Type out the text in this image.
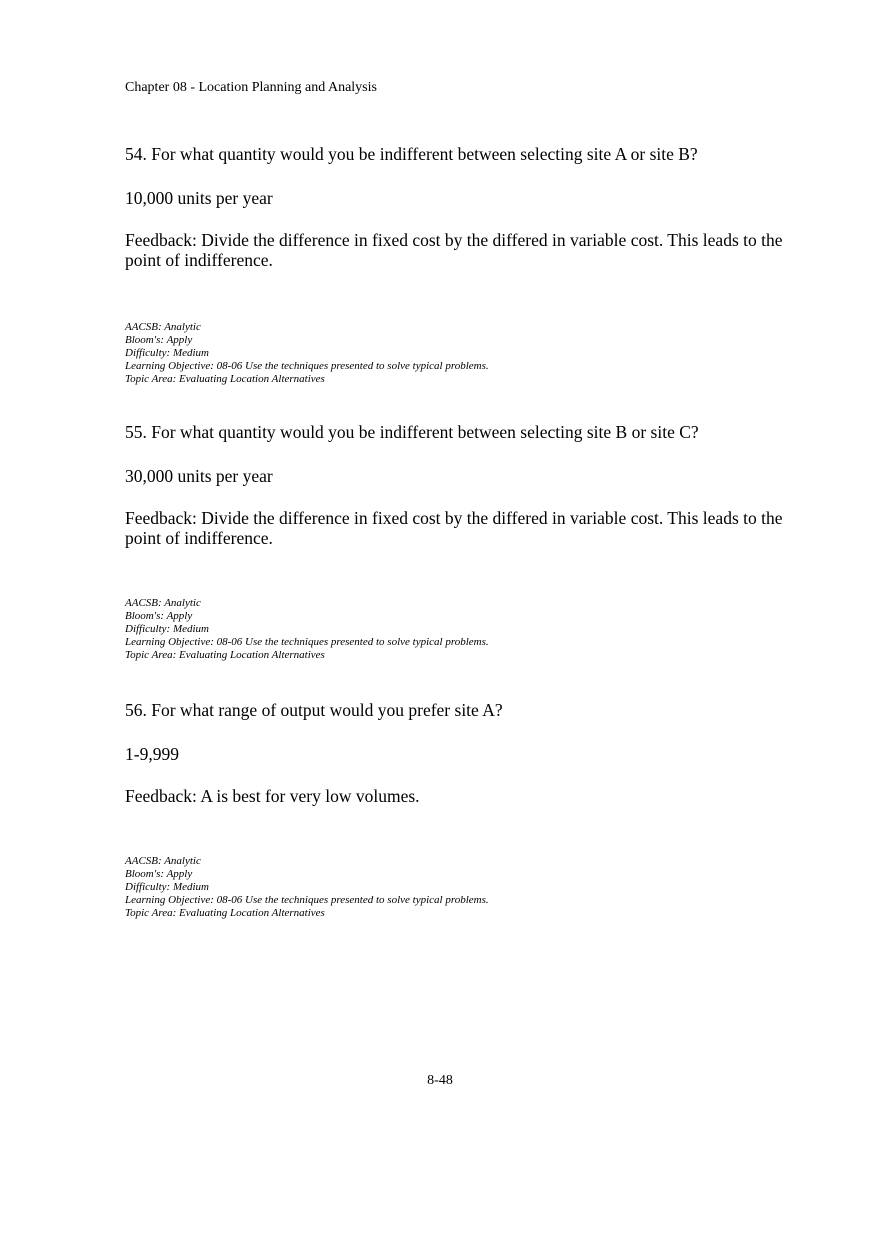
Chapter 08 - Location Planning and Analysis

54. For what quantity would you be indifferent between selecting site A or site B?

10,000 units per year

Feedback: Divide the difference in fixed cost by the differed in variable cost. This leads to the point of indifference.

AACSB: Analytic
Bloom's: Apply
Difficulty: Medium
Learning Objective: 08-06 Use the techniques presented to solve typical problems.
Topic Area: Evaluating Location Alternatives

55. For what quantity would you be indifferent between selecting site B or site C?

30,000 units per year

Feedback: Divide the difference in fixed cost by the differed in variable cost. This leads to the point of indifference.

AACSB: Analytic
Bloom's: Apply
Difficulty: Medium
Learning Objective: 08-06 Use the techniques presented to solve typical problems.
Topic Area: Evaluating Location Alternatives

56. For what range of output would you prefer site A?

1-9,999

Feedback: A is best for very low volumes.

AACSB: Analytic
Bloom's: Apply
Difficulty: Medium
Learning Objective: 08-06 Use the techniques presented to solve typical problems.
Topic Area: Evaluating Location Alternatives

8-48
